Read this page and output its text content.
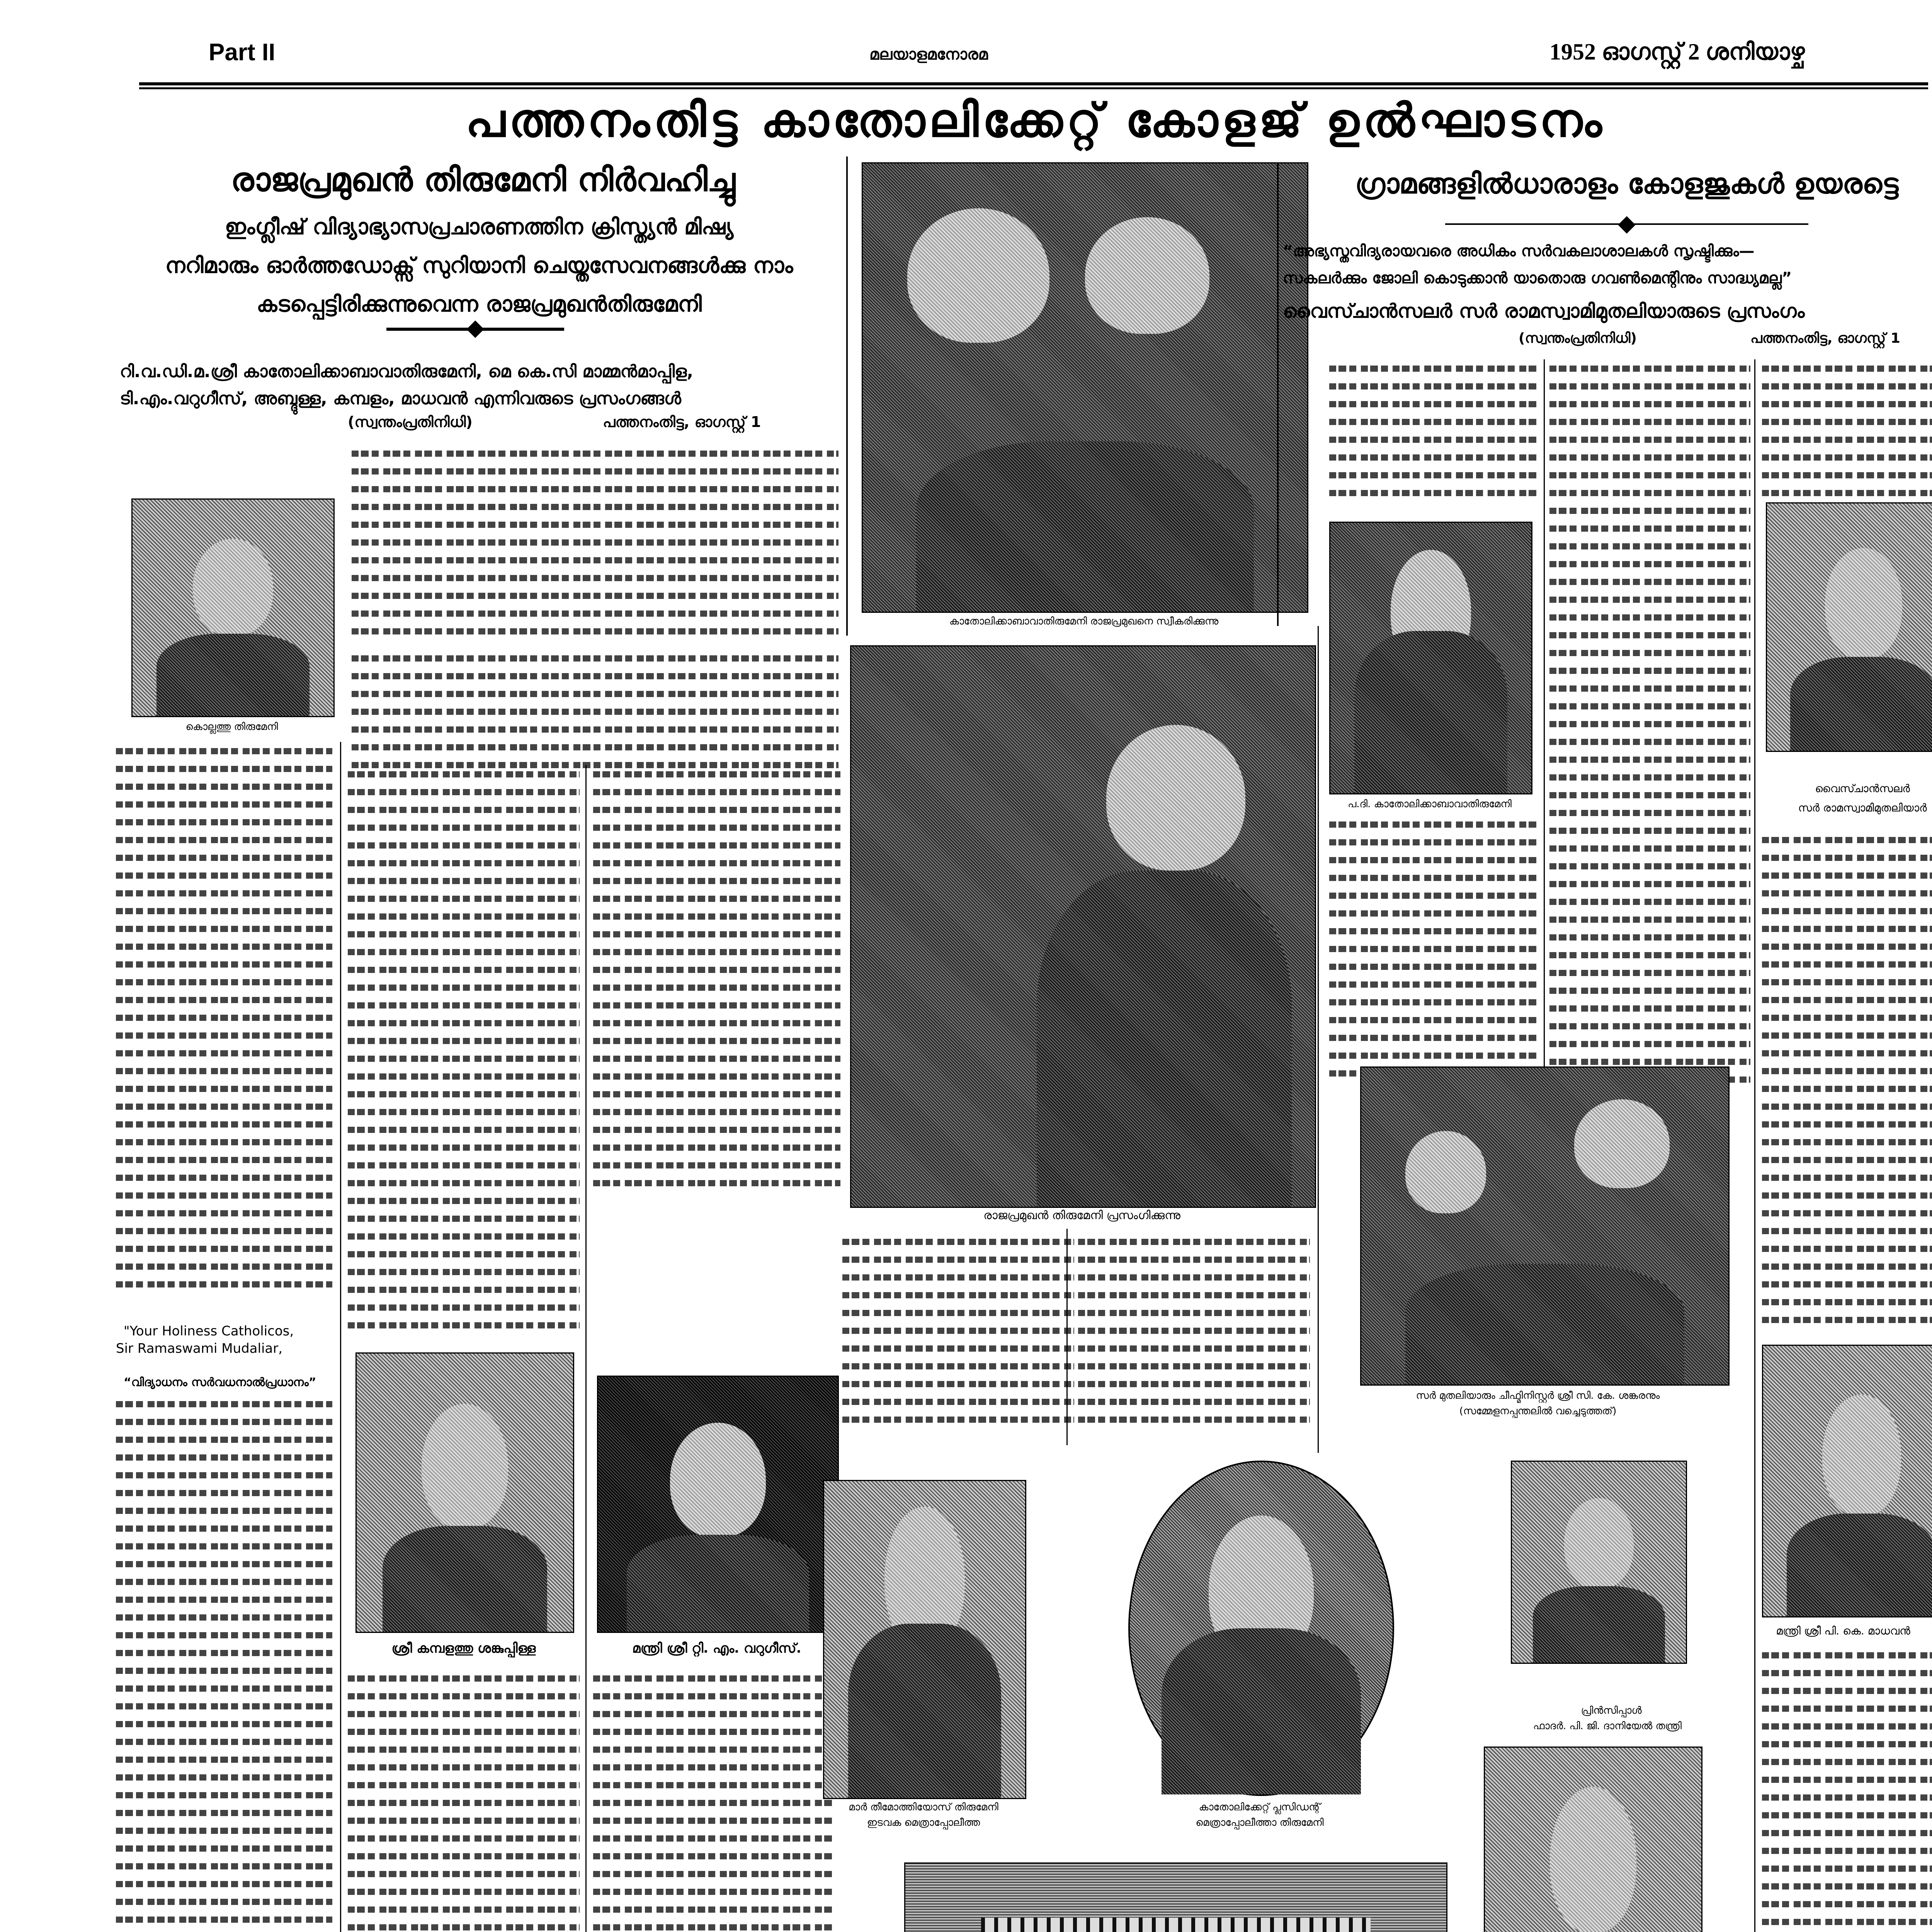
Part II	മലയാളമനോരമ	1952 ഓഗസ്റ്റ് 2 ശനിയാഴ്ച
പത്തനംതിട്ട കാതോലിക്കേറ്റ് കോളജ് ഉൽഘാടനം
രാജപ്രമുഖൻ തിരുമേനി നിർവഹിച്ചു
ഇംഗ്ലീഷ് വിദ്യാഭ്യാസപ്രചാരണത്തിന ക്രിസ്ത്യൻ മിഷ്യ
നറിമാരും ഓർത്തഡോക്സ് സുറിയാനി ചെയ്തസേവനങ്ങൾക്കു നാം
കടപ്പെട്ടിരിക്കുന്നുവെന്ന രാജപ്രമുഖൻതിരുമേനി
റി.വ.ഡി.മ.ശ്രീ കാതോലിക്കാബാവാതിരുമേനി, മെ കെ.സി മാമ്മൻമാപ്പിള,
ടി.എം.വറുഗീസ്, അബ്ദുള്ള, കമ്പളം, മാധവൻ എന്നിവരുടെ പ്രസംഗങ്ങൾ
(സ്വന്തംപ്രതിനിധി)	പത്തനംതിട്ട, ഓഗസ്റ്റ് 1
കൊല്ലത്തു തിരുമേനി
"Your Holiness Catholicos,
Sir Ramaswami Mudaliar,
“വിദ്യാധനം സർവധനാൽപ്രധാനം”
ശ്രീ കമ്പളത്തു ശങ്കുപ്പിള്ള	മന്ത്രി ശ്രീ റ്റി. എം. വറുഗീസ്.
കാതോലിക്കാബാവാതിരുമേനി രാജപ്രമുഖനെ സ്വീകരിക്കുന്നു
രാജപ്രമുഖൻ തിരുമേനി പ്രസംഗിക്കുന്നു
ഗ്രാമങ്ങളിൽധാരാളം കോളജുകൾ ഉയരട്ടെ
“അഭ്യസ്തവിദ്യരായവരെ അധികം സർവകലാശാലകൾ സൃഷ്ടിക്കും—
സകലർക്കും ജോലി കൊടുക്കാൻ യാതൊരു ഗവൺമെന്റിനും സാദ്ധ്യമല്ല”
വൈസ്ചാൻസലർ സർ രാമസ്വാമിമുതലിയാരുടെ പ്രസംഗം
(സ്വന്തംപ്രതിനിധി)	പത്തനംതിട്ട, ഓഗസ്റ്റ് 1
പ.ദി. കാതോലിക്കാബാവാതിരുമേനി
വൈസ്ചാൻസലർ
സർ രാമസ്വാമിമുതലിയാർ
സർ മുതലിയാരും ചീഫ്മിനിസ്റ്റർ ശ്രീ സി. കേ. ശങ്കരനും
(സമ്മേളനപ്പന്തലിൽ വച്ചെടുത്തത്)
മന്ത്രി ശ്രീ പി. കെ. മാധവൻ
മാർ തീമോത്തിയോസ് തിരുമേനി
ഇടവക മെത്രാപ്പോലീത്ത
കാതോലിക്കേറ്റ് പ്ലസിഡന്റ്
മെത്രാപ്പോലീത്താ തിരുമേനി
പ്രിൻസിപ്പാൾ
ഫാദർ. പി. ജി. ദാനിയേൽ തന്ത്രി
